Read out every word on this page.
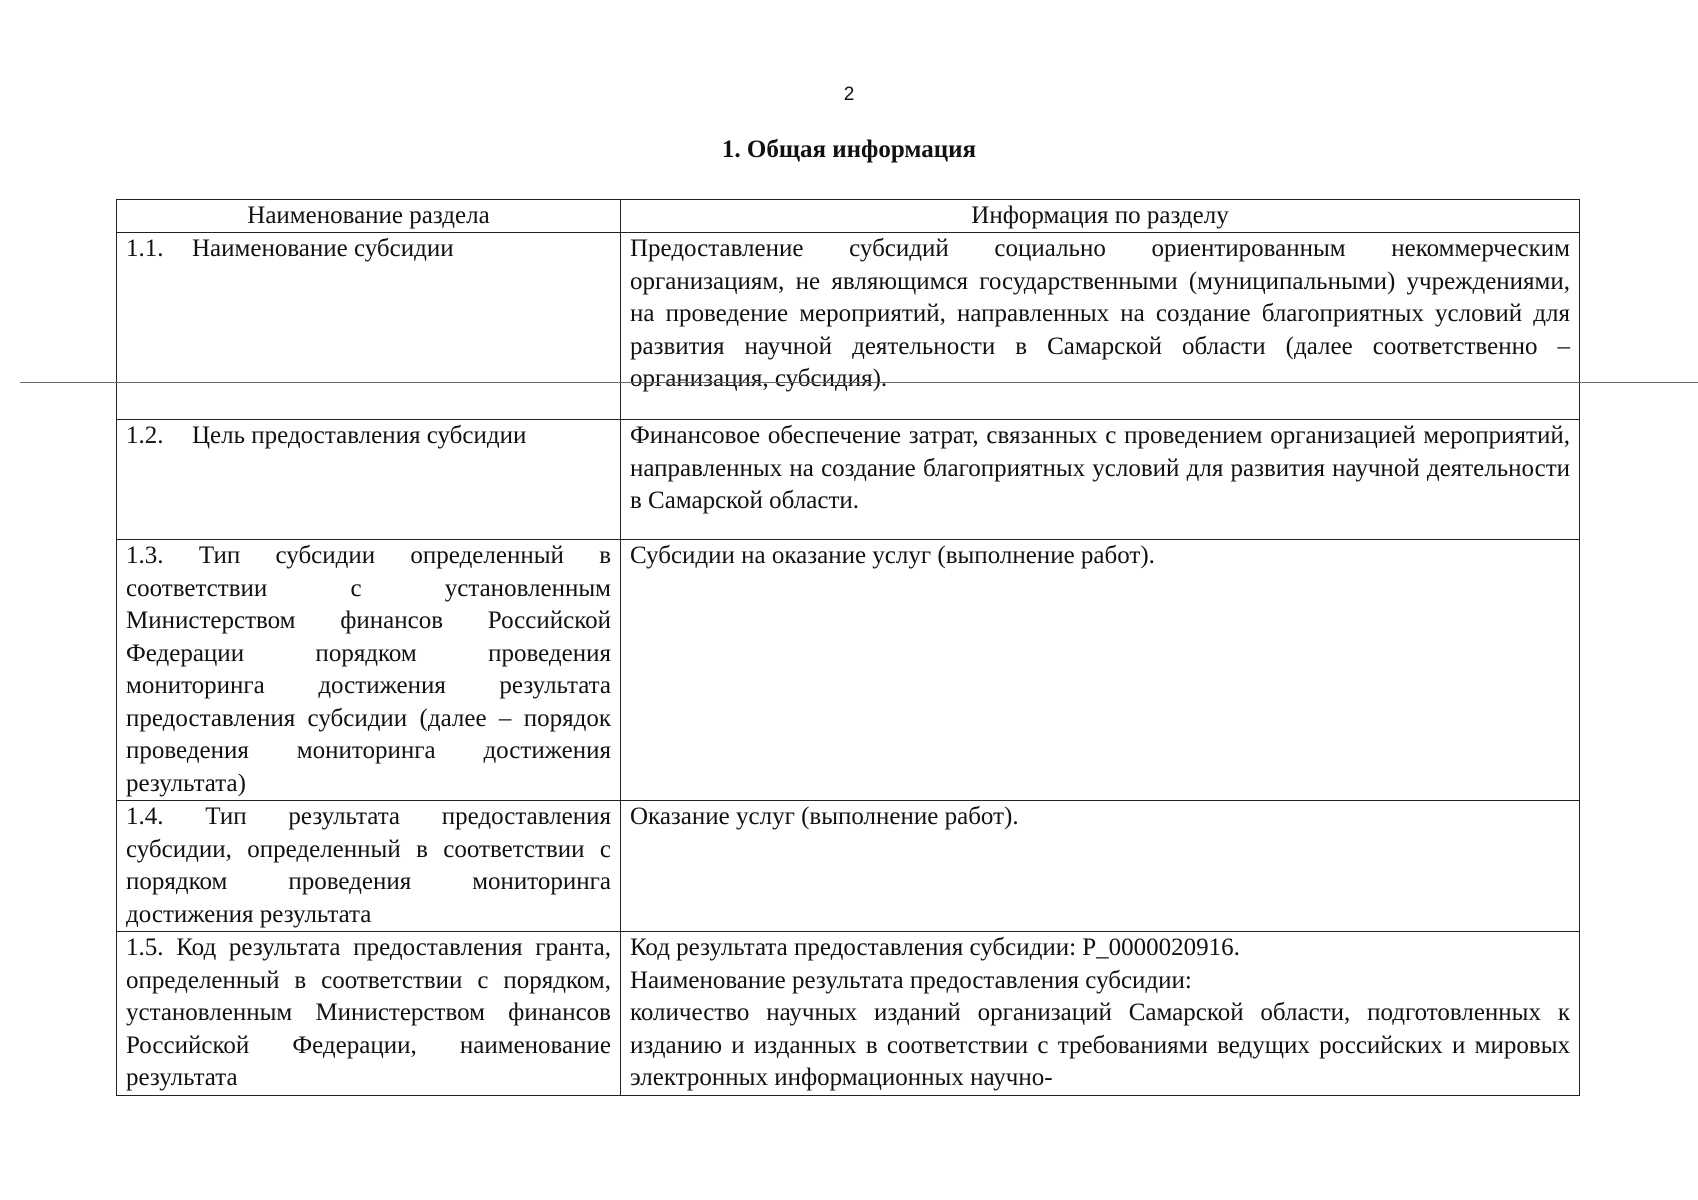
2
1. Общая информация
Наименование раздела	Информация по разделу
1.1. Наименование субсидии	Предоставление субсидий социально ориентированным некоммерческим организациям, не являющимся государственными (муниципальными) учреждениями, на проведение мероприятий, направленных на создание благоприятных условий для развития научной деятельности в Самарской области (далее соответственно – организация, субсидия).
1.2. Цель предоставления субсидии	Финансовое обеспечение затрат, связанных с проведением организацией мероприятий, направленных на создание благоприятных условий для развития научной деятельности в Самарской области.
1.3. Тип субсидии определенный в соответствии с установленным Министерством финансов Российской Федерации порядком проведения мониторинга достижения результата предоставления субсидии (далее – порядок проведения мониторинга достижения результата)	Субсидии на оказание услуг (выполнение работ).
1.4. Тип результата предоставления субсидии, определенный в соответствии с порядком проведения мониторинга достижения результата	Оказание услуг (выполнение работ).
1.5. Код результата предоставления гранта, определенный в соответствии с порядком, установленным Министерством финансов Российской Федерации, наименование результата	Код результата предоставления субсидии: P_0000020916.
Наименование результата предоставления субсидии:
количество научных изданий организаций Самарской области, подготовленных к изданию и изданных в соответствии с требованиями ведущих российских и мировых электронных информационных научно-
